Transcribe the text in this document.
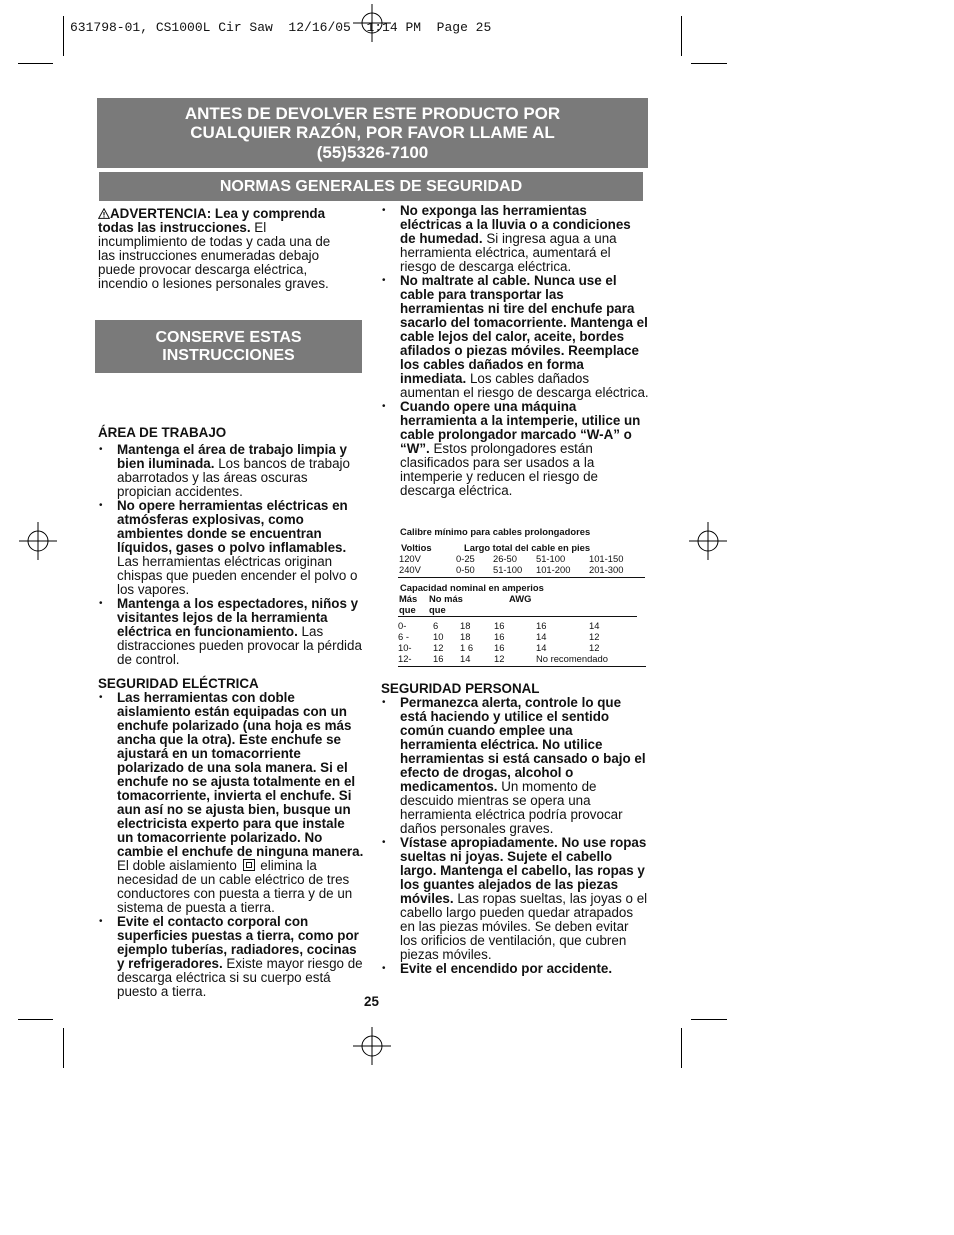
631798-01, CS1000L Cir Saw  12/16/05  1:14 PM  Page 25
ANTES DE DEVOLVER ESTE PRODUCTO POR
CUALQUIER RAZÓN, POR FAVOR LLAME AL
(55)5326-7100
NORMAS GENERALES DE SEGURIDAD

ADVERTENCIA: Lea y comprenda todas las instrucciones. El incumplimiento de todas y cada una de las instrucciones enumeradas debajo puede provocar descarga eléctrica, incendio o lesiones personales graves.

ÁREA DE TRABAJO

• Mantenga el área de trabajo limpia y bien iluminada. Los bancos de trabajo abarrotados y las áreas oscuras propician accidentes.
• No opere herramientas eléctricas en atmósferas explosivas, como ambientes donde se encuentran líquidos, gases o polvo inflamables. Las herramientas eléctricas originan chispas que pueden encender el polvo o los vapores.
• Mantenga a los espectadores, niños y visitantes lejos de la herramienta eléctrica en funcionamiento. Las distracciones pueden provocar la pérdida de control.

SEGURIDAD ELÉCTRICA

• Las herramientas con doble aislamiento están equipadas con un enchufe polarizado (una hoja es más ancha que la otra). Este enchufe se ajustará en un tomacorriente polarizado de una sola manera. Si el enchufe no se ajusta totalmente en el tomacorriente, invierta el enchufe. Si aun así no se ajusta bien, busque un electricista experto para que instale un tomacorriente polarizado. No cambie el enchufe de ninguna manera. El doble aislamiento  elimina la necesidad de un cable eléctrico de tres conductores con puesta a tierra y de un sistema de puesta a tierra.
• Evite el contacto corporal con superficies puestas a tierra, como por ejemplo tuberías, radiadores, cocinas y refrigeradores. Existe mayor riesgo de descarga eléctrica si su cuerpo está puesto a tierra.
CONSERVE ESTAS
INSTRUCCIONES
• No exponga las herramientas eléctricas a la lluvia o a condiciones de humedad. Si ingresa agua a una herramienta eléctrica, aumentará el riesgo de descarga eléctrica.
• No maltrate al cable. Nunca use el cable para transportar las herramientas ni tire del enchufe para sacarlo del tomacorriente. Mantenga el cable lejos del calor, aceite, bordes afilados o piezas móviles. Reemplace los cables dañados en forma inmediata. Los cables dañados aumentan el riesgo de descarga eléctrica.
• Cuando opere una máquina herramienta a la intemperie, utilice un cable prolongador marcado “W-A” o “W”. Estos prolongadores están clasificados para ser usados a la intemperie y reducen el riesgo de descarga eléctrica.
Calibre mínimo para cables prolongadores
Voltios	Largo total del cable en pies
120V	0-25 26-50 51-100	101-150
240V	0-50 51-100 101-200 201-300
Capacidad nominal en amperios
Más No más	AWG
que que
0-	6 18	16	16	14
6 -	10 18	16	14	12
10- 12 1 6 16	14	12
12- 16 14	12	No recomendado

SEGURIDAD PERSONAL

• Permanezca alerta, controle lo que está haciendo y utilice el sentido común cuando emplee una herramienta eléctrica. No utilice herramientas si está cansado o bajo el efecto de drogas, alcohol o medicamentos. Un momento de descuido mientras se opera una herramienta eléctrica podría provocar daños personales graves.
• Vístase apropiadamente. No use ropas sueltas ni joyas. Sujete el cabello largo. Mantenga el cabello, las ropas y los guantes alejados de las piezas móviles. Las ropas sueltas, las joyas o el cabello largo pueden quedar atrapados en las piezas móviles. Se deben evitar los orificios de ventilación, que cubren piezas móviles.
• Evite el encendido por accidente.
25
